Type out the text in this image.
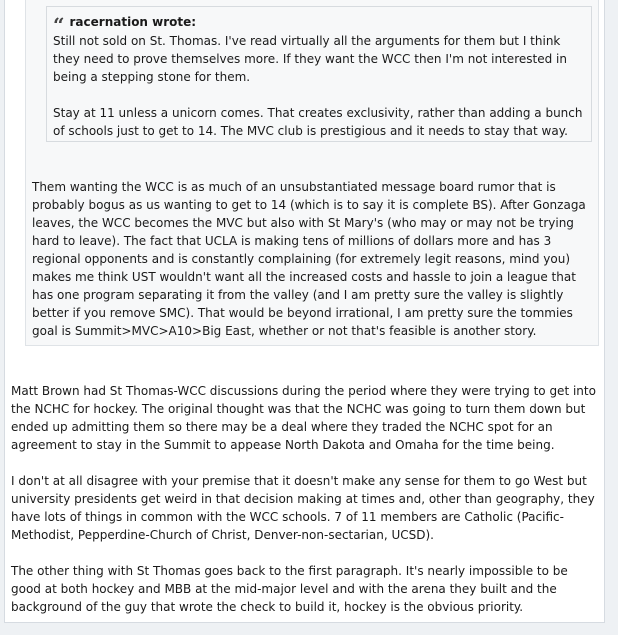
“ racernation wrote:

Still not sold on St. Thomas. I've read virtually all the arguments for them but I think they need to prove themselves more. If they want the WCC then I'm not interested in being a stepping stone for them.

Stay at 11 unless a unicorn comes. That creates exclusivity, rather than adding a bunch of schools just to get to 14. The MVC club is prestigious and it needs to stay that way.

Them wanting the WCC is as much of an unsubstantiated message board rumor that is probably bogus as us wanting to get to 14 (which is to say it is complete BS). After Gonzaga leaves, the WCC becomes the MVC but also with St Mary's (who may or may not be trying hard to leave). The fact that UCLA is making tens of millions of dollars more and has 3 regional opponents and is constantly complaining (for extremely legit reasons, mind you) makes me think UST wouldn't want all the increased costs and hassle to join a league that has one program separating it from the valley (and I am pretty sure the valley is slightly better if you remove SMC). That would be beyond irrational, I am pretty sure the tommies goal is Summit>MVC>A10>Big East, whether or not that's feasible is another story.

Matt Brown had St Thomas-WCC discussions during the period where they were trying to get into the NCHC for hockey. The original thought was that the NCHC was going to turn them down but ended up admitting them so there may be a deal where they traded the NCHC spot for an agreement to stay in the Summit to appease North Dakota and Omaha for the time being.

I don't at all disagree with your premise that it doesn't make any sense for them to go West but university presidents get weird in that decision making at times and, other than geography, they have lots of things in common with the WCC schools. 7 of 11 members are Catholic (Pacific-Methodist, Pepperdine-Church of Christ, Denver-non-sectarian, UCSD).

The other thing with St Thomas goes back to the first paragraph. It's nearly impossible to be good at both hockey and MBB at the mid-major level and with the arena they built and the background of the guy that wrote the check to build it, hockey is the obvious priority.
